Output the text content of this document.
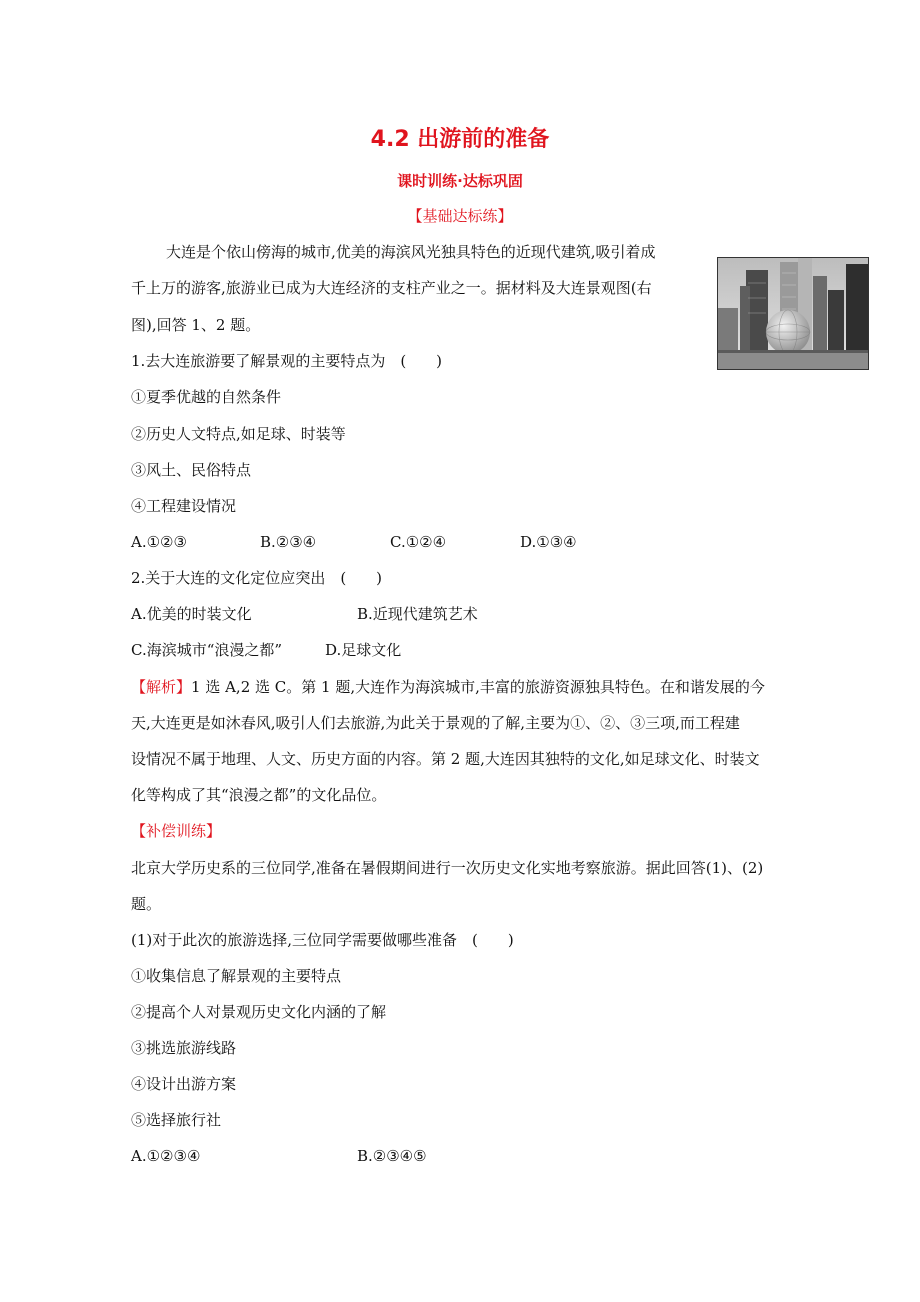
4.2 出游前的准备
课时训练·达标巩固
【基础达标练】
大连是个依山傍海的城市,优美的海滨风光独具特色的近现代建筑,吸引着成
千上万的游客,旅游业已成为大连经济的支柱产业之一。据材料及大连景观图(右
图),回答 1、2 题。
1.去大连旅游要了解景观的主要特点为　(　　)
①夏季优越的自然条件
②历史人文特点,如足球、时装等
③风土、民俗特点
④工程建设情况
A.①②③	B.②③④	C.①②④	D.①③④
2.关于大连的文化定位应突出　(　　)
A.优美的时装文化	B.近现代建筑艺术
C.海滨城市“浪漫之都”	D.足球文化
【解析】1 选 A,2 选 C。第 1 题,大连作为海滨城市,丰富的旅游资源独具特色。在和谐发展的今
天,大连更是如沐春风,吸引人们去旅游,为此关于景观的了解,主要为①、②、③三项,而工程建
设情况不属于地理、人文、历史方面的内容。第 2 题,大连因其独特的文化,如足球文化、时装文
化等构成了其“浪漫之都”的文化品位。
【补偿训练】
北京大学历史系的三位同学,准备在暑假期间进行一次历史文化实地考察旅游。据此回答(1)、(2)
题。
(1)对于此次的旅游选择,三位同学需要做哪些准备　(　　)
①收集信息了解景观的主要特点
②提高个人对景观历史文化内涵的了解
③挑选旅游线路
④设计出游方案
⑤选择旅行社
A.①②③④	B.②③④⑤
